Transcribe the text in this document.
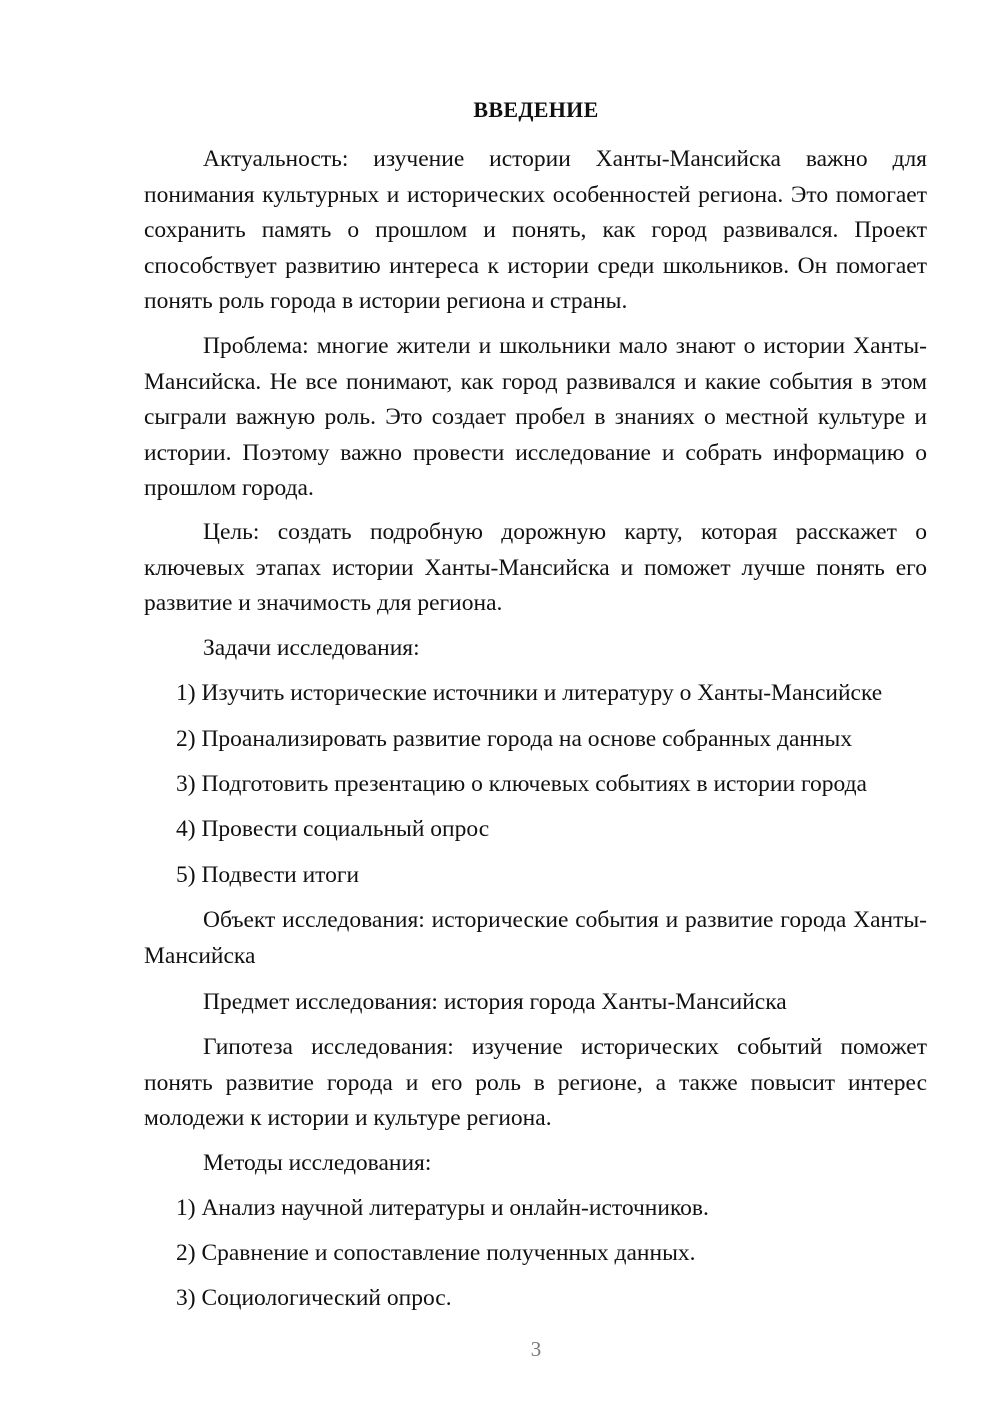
ВВЕДЕНИЕ

Актуальность: изучение истории Ханты-Мансийска важно для понимания культурных и исторических особенностей региона. Это помогает сохранить память о прошлом и понять, как город развивался. Проект способствует развитию интереса к истории среди школьников. Он помогает понять роль города в истории региона и страны.

Проблема: многие жители и школьники мало знают о истории Ханты-Мансийска. Не все понимают, как город развивался и какие события в этом сыграли важную роль. Это создает пробел в знаниях о местной культуре и истории. Поэтому важно провести исследование и собрать информацию о прошлом города.

Цель: создать подробную дорожную карту, которая расскажет о ключевых этапах истории Ханты-Мансийска и поможет лучше понять его развитие и значимость для региона.

Задачи исследования:

1) Изучить исторические источники и литературу о Ханты-Мансийске

2) Проанализировать развитие города на основе собранных данных

3) Подготовить презентацию о ключевых событиях в истории города

4) Провести социальный опрос

5) Подвести итоги

Объект исследования: исторические события и развитие города Ханты-Мансийска

Предмет исследования: история города Ханты-Мансийска

Гипотеза исследования: изучение исторических событий поможет понять развитие города и его роль в регионе, а также повысит интерес молодежи к истории и культуре региона.

Методы исследования:

1) Анализ научной литературы и онлайн-источников.

2) Сравнение и сопоставление полученных данных.

3) Социологический опрос.

3
